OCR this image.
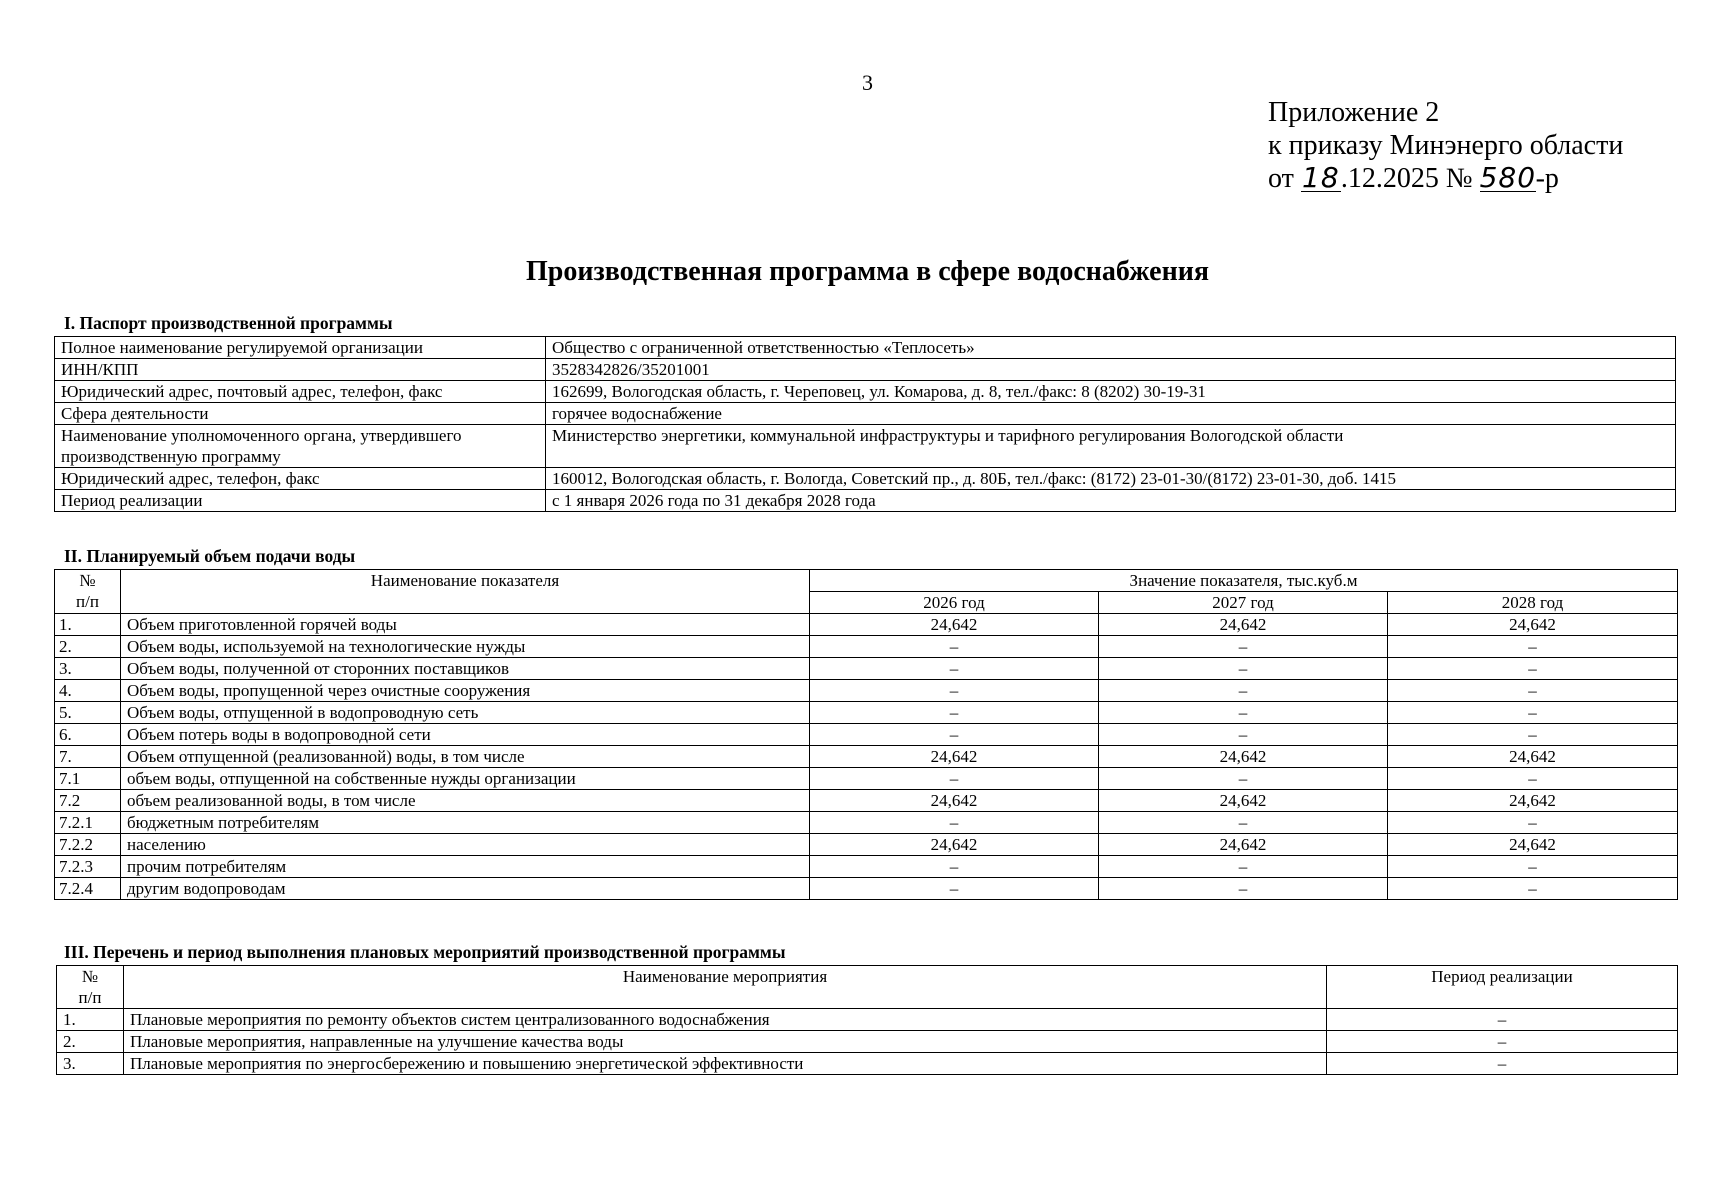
3
Приложение 2
к приказу Минэнерго области
от 18.12.2025 № 580-р
Производственная программа в сфере водоснабжения
I. Паспорт производственной программы
Полное наименование регулируемой организации	Общество с ограниченной ответственностью «Теплосеть»
ИНН/КПП	3528342826/35201001
Юридический адрес, почтовый адрес, телефон, факс	162699, Вологодская область, г. Череповец, ул. Комарова, д. 8, тел./факс: 8 (8202) 30-19-31
Сфера деятельности	горячее водоснабжение
Наименование уполномоченного органа, утвердившего производственную программу	Министерство энергетики, коммунальной инфраструктуры и тарифного регулирования Вологодской области
Юридический адрес, телефон, факс	160012, Вологодская область, г. Вологда, Советский пр., д. 80Б, тел./факс: (8172) 23-01-30/(8172) 23-01-30, доб. 1415
Период реализации	с 1 января 2026 года по 31 декабря 2028 года
II. Планируемый объем подачи воды
№
п/п	Наименование показателя	Значение показателя, тыс.куб.м		
		2026 год	2027 год	2028 год
1.	Объем приготовленной горячей воды	24,642	24,642	24,642
2.	Объем воды, используемой на технологические нужды	–	–	–
3.	Объем воды, полученной от сторонних поставщиков	–	–	–
4.	Объем воды, пропущенной через очистные сооружения	–	–	–
5.	Объем воды, отпущенной в водопроводную сеть	–	–	–
6.	Объем потерь воды в водопроводной сети	–	–	–
7.	Объем отпущенной (реализованной) воды, в том числе	24,642	24,642	24,642
7.1	объем воды, отпущенной на собственные нужды организации	–	–	–
7.2	объем реализованной воды, в том числе	24,642	24,642	24,642
7.2.1	бюджетным потребителям	–	–	–
7.2.2	населению	24,642	24,642	24,642
7.2.3	прочим потребителям	–	–	–
7.2.4	другим водопроводам	–	–	–
III. Перечень и период выполнения плановых мероприятий производственной программы
№
п/п	Наименование мероприятия	Период реализации
1.	Плановые мероприятия по ремонту объектов систем централизованного водоснабжения	–
2.	Плановые мероприятия, направленные на улучшение качества воды	–
3.	Плановые мероприятия по энергосбережению и повышению энергетической эффективности	–
